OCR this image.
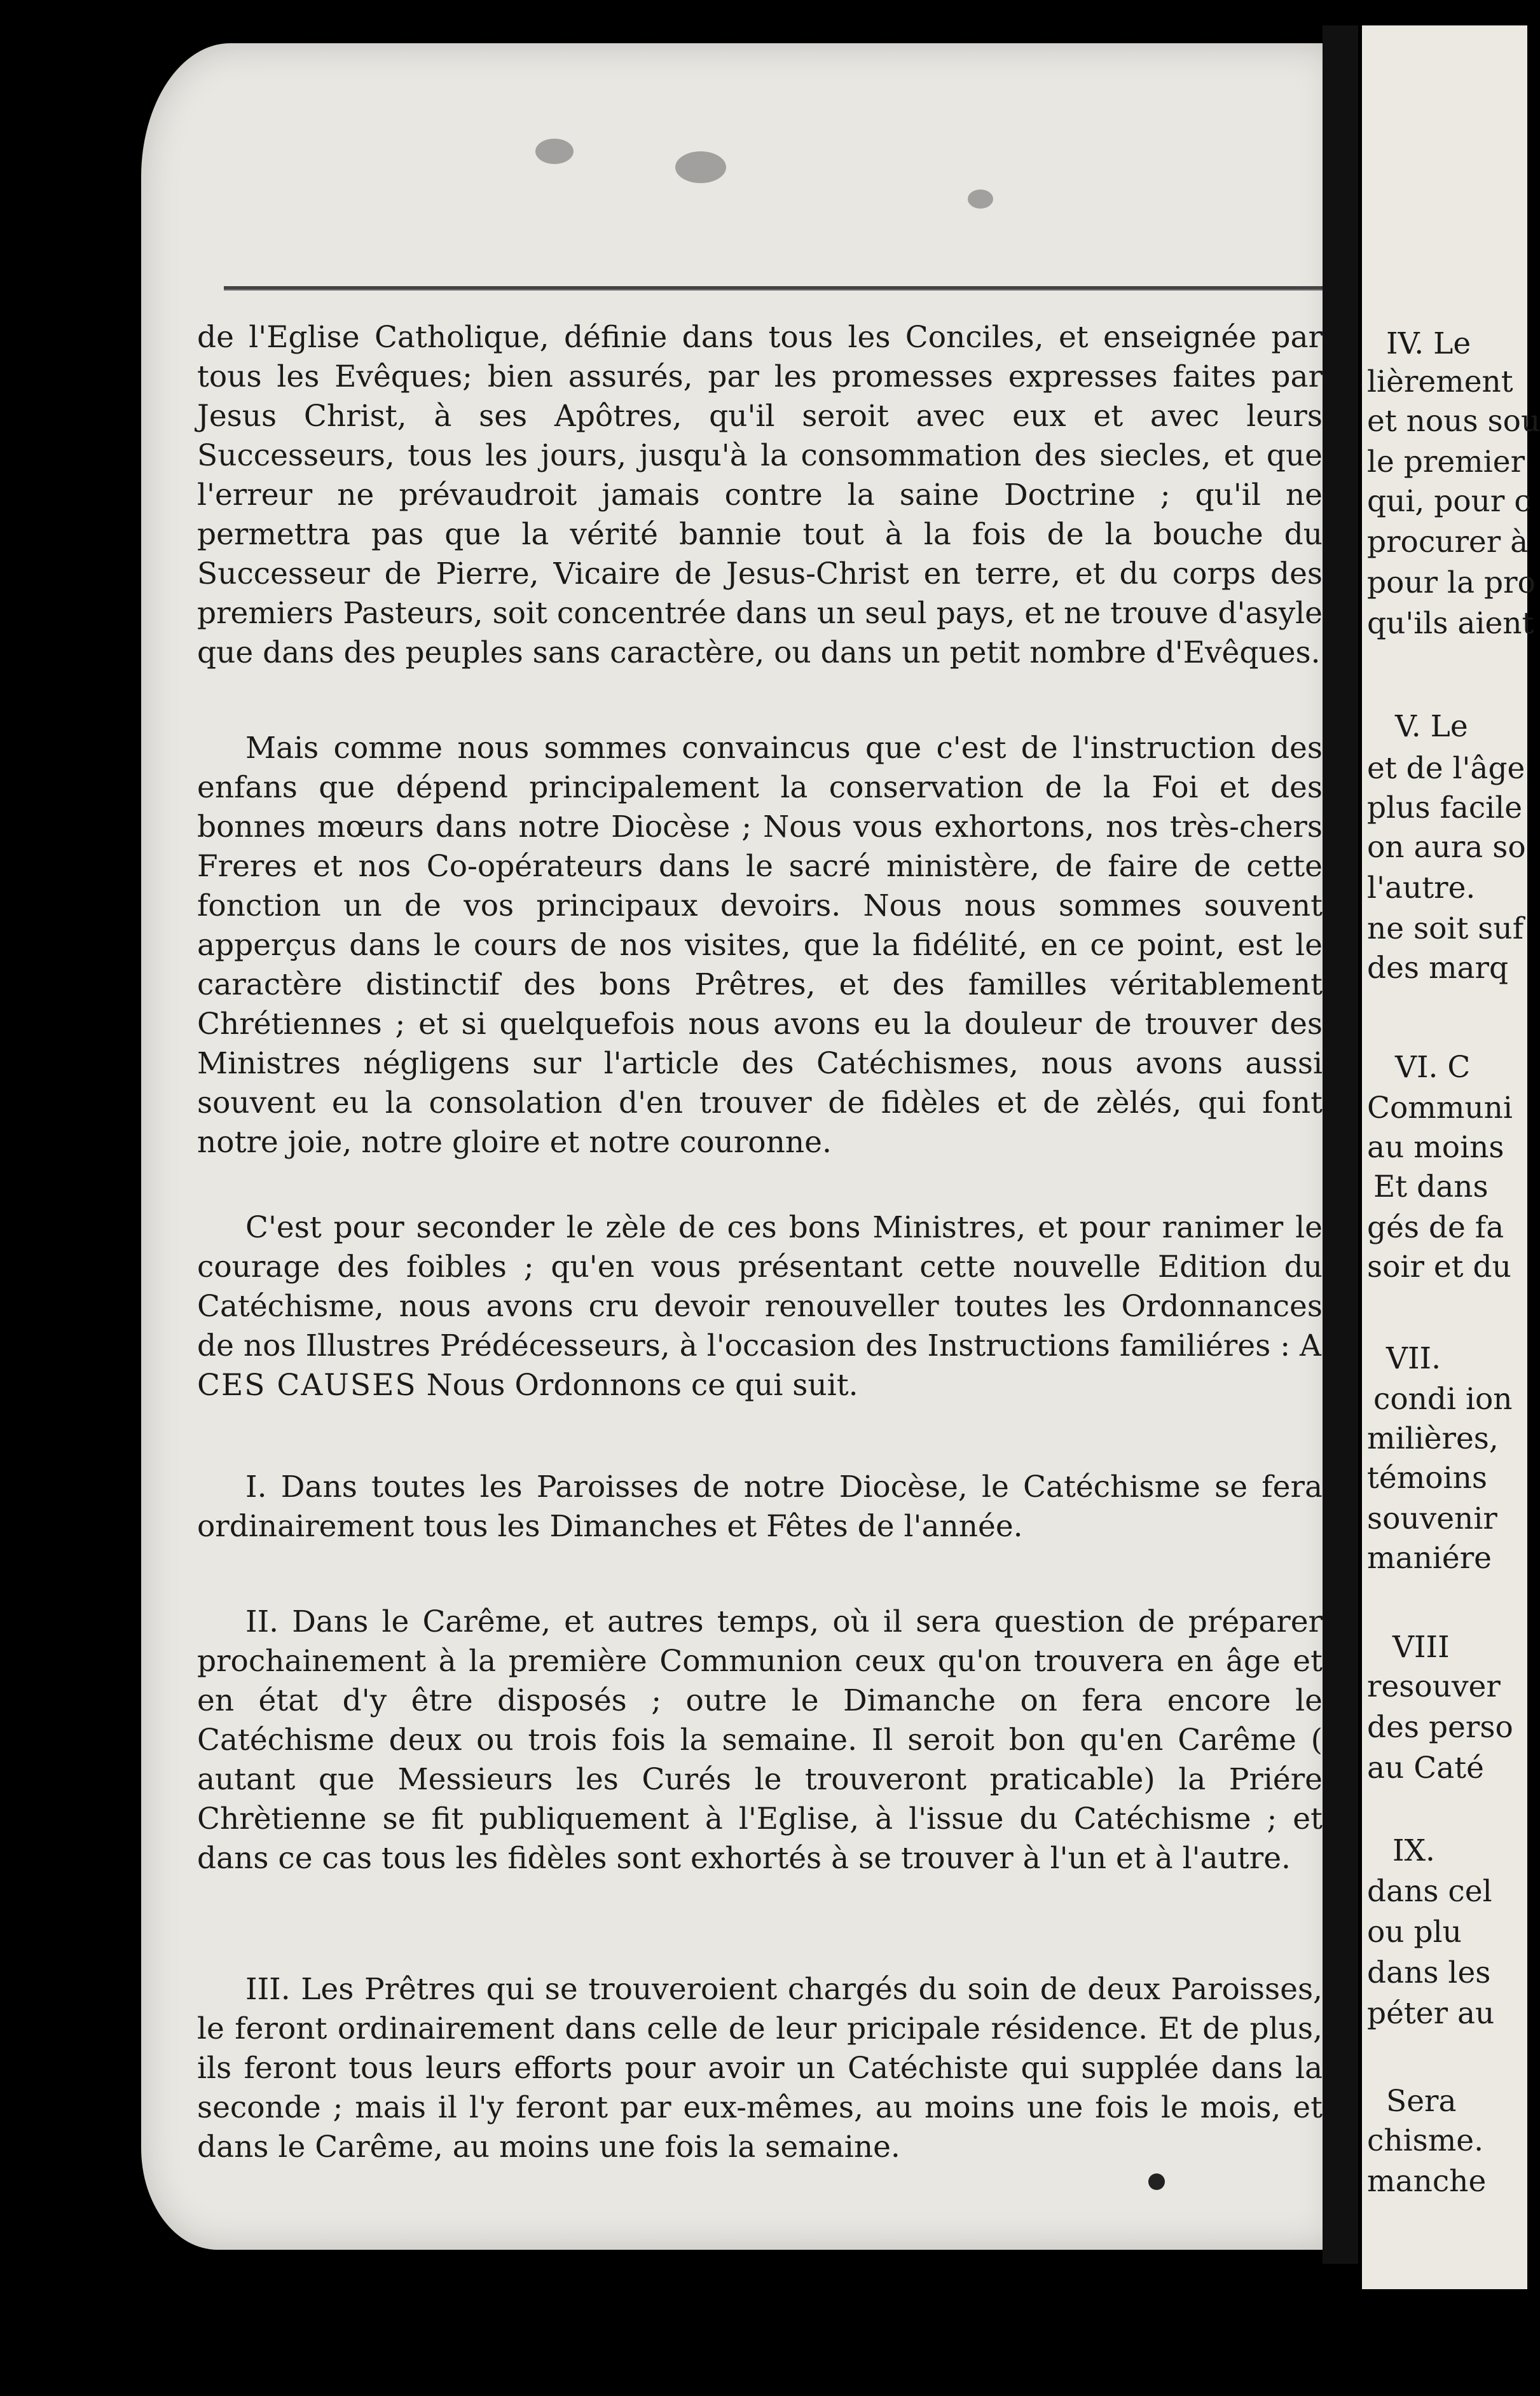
de l'Eglise Catholique, définie dans tous les Conciles, et enseignée par tous les Evêques; bien assurés, par les promesses expresses faites par Jesus Christ, à ses Apôtres, qu'il seroit avec eux et avec leurs Successeurs, tous les jours, jusqu'à la consommation des siecles, et que l'erreur ne prévaudroit jamais contre la saine Doctrine ; qu'il ne permettra pas que la vérité bannie tout à la fois de la bouche du Successeur de Pierre, Vicaire de Jesus-Christ en terre, et du corps des premiers Pasteurs, soit concentrée dans un seul pays, et ne trouve d'asyle que dans des peuples sans caractère, ou dans un petit nombre d'Evêques.

Mais comme nous sommes convaincus que c'est de l'instruction des enfans que dépend principalement la conservation de la Foi et des bonnes mœurs dans notre Diocèse ; Nous vous exhortons, nos très-chers Freres et nos Co-opérateurs dans le sacré ministère, de faire de cette fonction un de vos principaux devoirs. Nous nous sommes souvent apperçus dans le cours de nos visites, que la fidélité, en ce point, est le caractère distinctif des bons Prêtres, et des familles véritablement Chrétiennes ; et si quelquefois nous avons eu la douleur de trouver des Ministres négligens sur l'article des Catéchismes, nous avons aussi souvent eu la consolation d'en trouver de fidèles et de zèlés, qui font notre joie, notre gloire et notre couronne.

C'est pour seconder le zèle de ces bons Ministres, et pour ranimer le courage des foibles ; qu'en vous présentant cette nouvelle Edition du Catéchisme, nous avons cru devoir renouveller toutes les Ordonnances de nos Illustres Prédécesseurs, à l'occasion des Instructions familiéres : A CES CAUSES Nous Ordonnons ce qui suit.

I. Dans toutes les Paroisses de notre Diocèse, le Catéchisme se fera ordinairement tous les Dimanches et Fêtes de l'année.

II. Dans le Carême, et autres temps, où il sera question de préparer prochainement à la première Communion ceux qu'on trouvera en âge et en état d'y être disposés ; outre le Dimanche on fera encore le Catéchisme deux ou trois fois la semaine. Il seroit bon qu'en Carême ( autant que Messieurs les Curés le trouveront praticable) la Priére Chrètienne se fit publiquement à l'Eglise, à l'issue du Catéchisme ; et dans ce cas tous les fidèles sont exhortés à se trouver à l'un et à l'autre.

III. Les Prêtres qui se trouveroient chargés du soin de deux Paroisses, le feront ordinairement dans celle de leur pricipale résidence. Et de plus, ils feront tous leurs efforts pour avoir un Catéchiste qui supplée dans la seconde ; mais il l'y feront par eux-mêmes, au moins une fois le mois, et dans le Carême, au moins une fois la semaine.

IV. Le
lièrement
et nous sou
le premier
qui, pour c
procurer à
pour la pro
qu'ils aient
V. Le
et de l'âge
plus facile
on aura so
l'autre.
ne soit suf
des marq
VI. C
Communi
au moins
Et dans
gés de fa
soir et du
VII.
condi ion
milières,
témoins
souvenir
maniére
VIII
resouver
des perso
au Caté
IX.
dans cel
ou plu
dans les
péter au
Sera
chisme.
manche
